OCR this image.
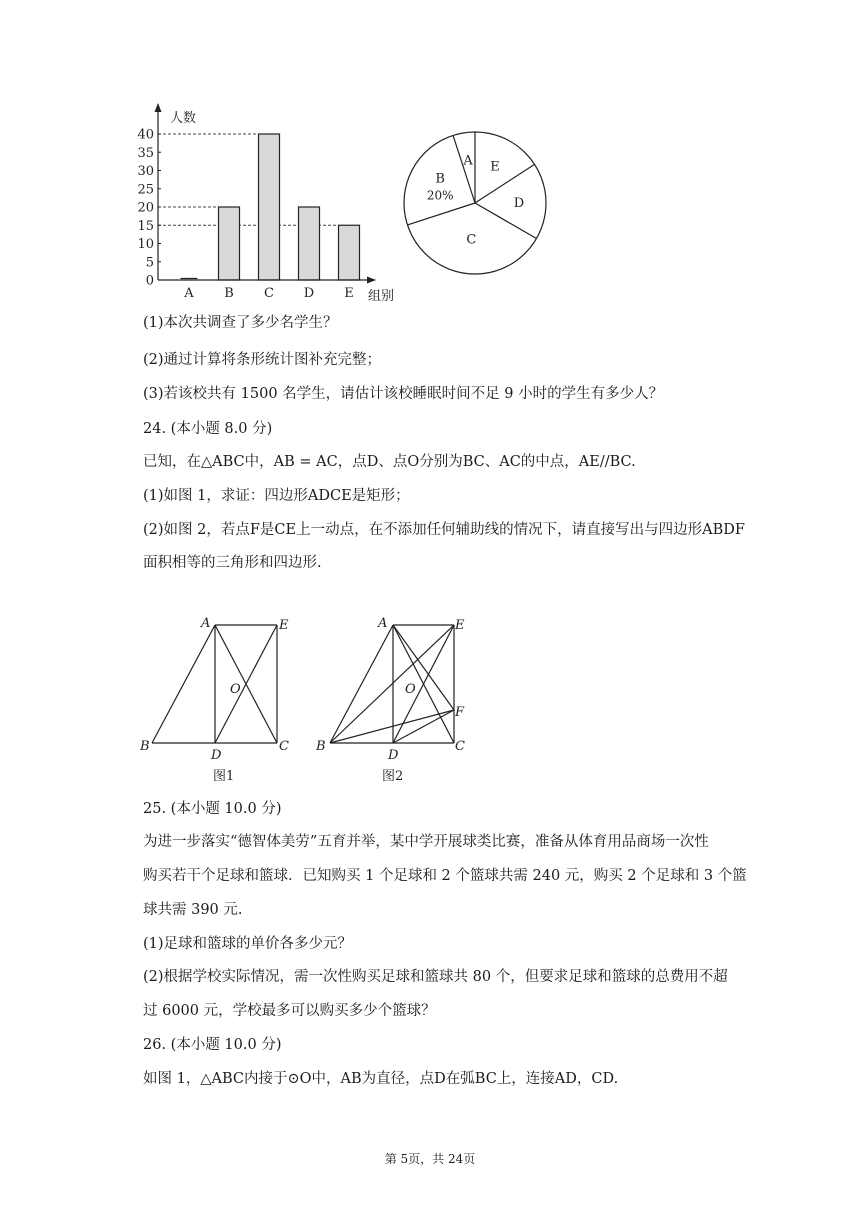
0
5
10
15
20
25
30
35
40
人数
组别
A B C D E
A E
D
C
B
20%
(1)本次共调查了多少名学生？
(2)通过计算将条形统计图补充完整；
(3)若该校共有 1500 名学生，请估计该校睡眠时间不足 9 小时的学生有多少人？
24. (本小题 8.0 分)
已知，在△ABC中，AB = AC，点D、点O分别为BC、AC的中点，AE//BC.
(1)如图 1，求证：四边形ADCE是矩形；
(2)如图 2，若点F是CE上一动点，在不添加任何辅助线的情况下，请直接写出与四边形ABDF
面积相等的三角形和四边形.
A	E
O
B
D
C
图1
A	E
O
F
B
D
C
图2
25. (本小题 10.0 分)
为进一步落实“德智体美劳”五育并举，某中学开展球类比赛，准备从体育用品商场一次性
购买若干个足球和篮球．已知购买 1 个足球和 2 个篮球共需 240 元，购买 2 个足球和 3 个篮
球共需 390 元.
(1)足球和篮球的单价各多少元？
(2)根据学校实际情况，需一次性购买足球和篮球共 80 个，但要求足球和篮球的总费用不超
过 6000 元，学校最多可以购买多少个篮球？
26. (本小题 10.0 分)
如图 1，△ABC内接于⊙O中，AB为直径，点D在弧BC上，连接AD，CD.
第 5页，共 24页
